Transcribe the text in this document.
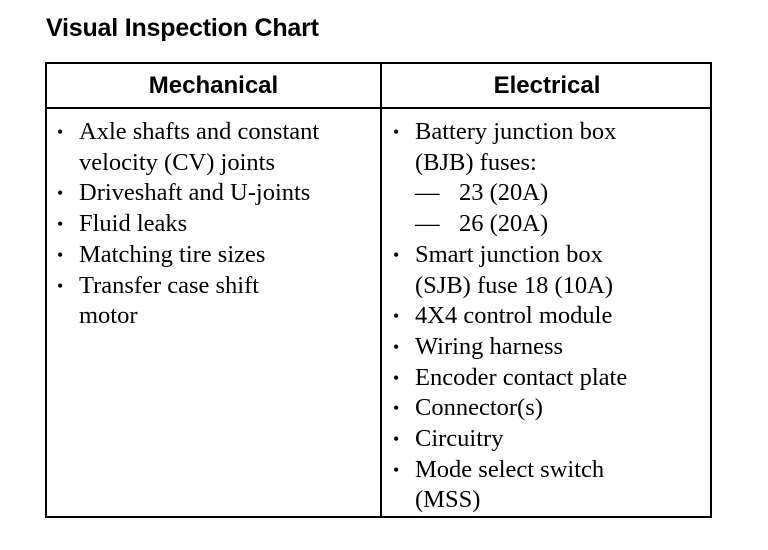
Visual Inspection Chart
Mechanical	Electrical
• Axle shafts and constant
velocity (CV) joints
• Driveshaft and U-joints
• Fluid leaks
• Matching tire sizes
• Transfer case shift
motor
• Battery junction box
(BJB) fuses:
— 23 (20A)
— 26 (20A)
• Smart junction box
(SJB) fuse 18 (10A)
• 4X4 control module
• Wiring harness
• Encoder contact plate
• Connector(s)
• Circuitry
• Mode select switch
(MSS)
